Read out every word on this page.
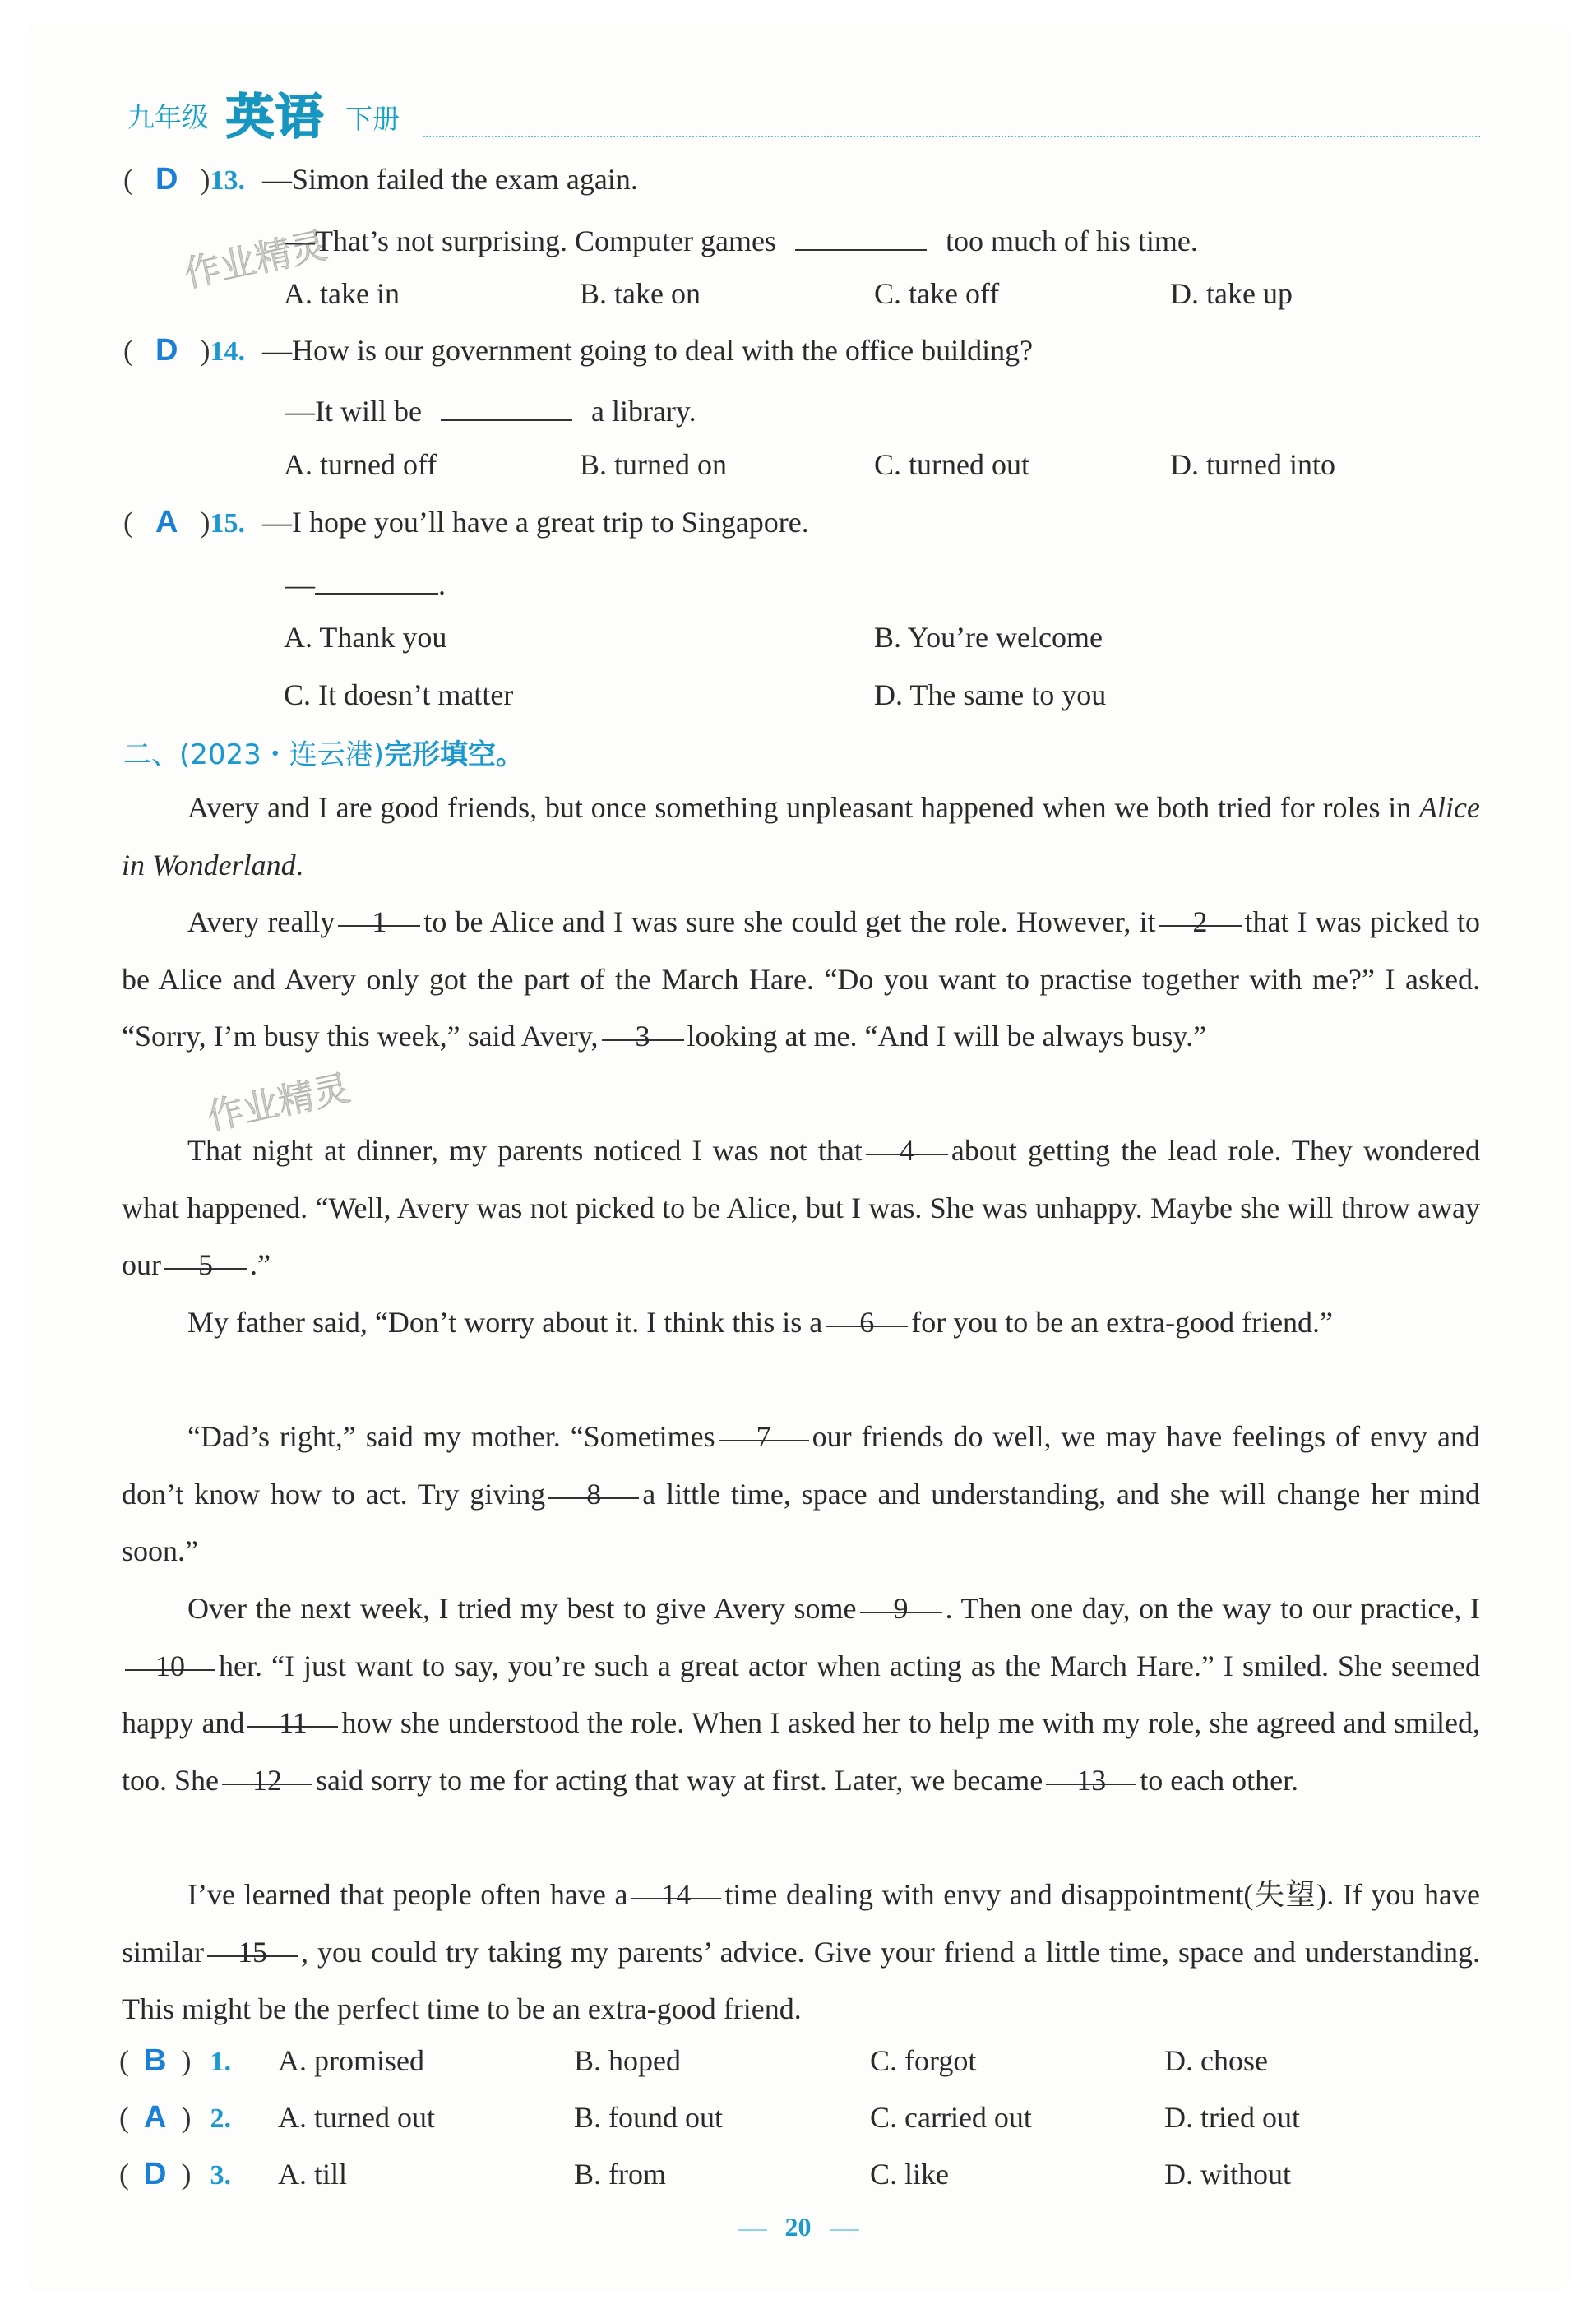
九年级 英语 下册
( D )13. —Simon failed the exam again.
—That’s not surprising. Computer games	too much of his time.
A. take in	B. take on	C. take off	D. take up
( D )14. —How is our government going to deal with the office building?
—It will be	a library.
A. turned off	B. turned on	C. turned out	D. turned into
( A )15. —I hope you’ll have a great trip to Singapore.
—	.
A. Thank you	B. You’re welcome
C. It doesn’t matter	D. The same to you
二、(2023・连云港)完形填空。
Avery and I are good friends, but once something unpleasant happened when we both tried for roles in Alice in Wonderland.
Avery really 1 to be Alice and I was sure she could get the role. However, it 2 that I was picked to be Alice and Avery only got the part of the March Hare. “Do you want to practise together with me?” I asked. “Sorry, I’m busy this week,” said Avery, 3 looking at me. “And I will be always busy.”
That night at dinner, my parents noticed I was not that 4 about getting the lead role. They wondered what happened. “Well, Avery was not picked to be Alice, but I was. She was unhappy. Maybe she will throw away our 5 .”
My father said, “Don’t worry about it. I think this is a 6 for you to be an extra-good friend.”
“Dad’s right,” said my mother. “Sometimes 7 our friends do well, we may have feelings of envy and don’t know how to act. Try giving 8 a little time, space and understanding, and she will change her mind soon.”
Over the next week, I tried my best to give Avery some 9 . Then one day, on the way to our practice, I10 her. “I just want to say, you’re such a great actor when acting as the March Hare.” I smiled. She seemed happy and 11 how she understood the role. When I asked her to help me with my role, she agreed and smiled, too. She 12 said sorry to me for acting that way at first. Later, we became 13 to each other.
I’ve learned that people often have a 14 time dealing with envy and disappointment(失望). If you have similar 15 , you could try taking my parents’ advice. Give your friend a little time, space and understanding. This might be the perfect time to be an extra-good friend.
( B ) 1. A. promised	B. hoped	C. forgot	D. chose
( A ) 2. A. turned out	B. found out	C. carried out	D. tried out
( D ) 3. A. till	B. from	C. like	D. without
20
作业精灵
作业精灵
